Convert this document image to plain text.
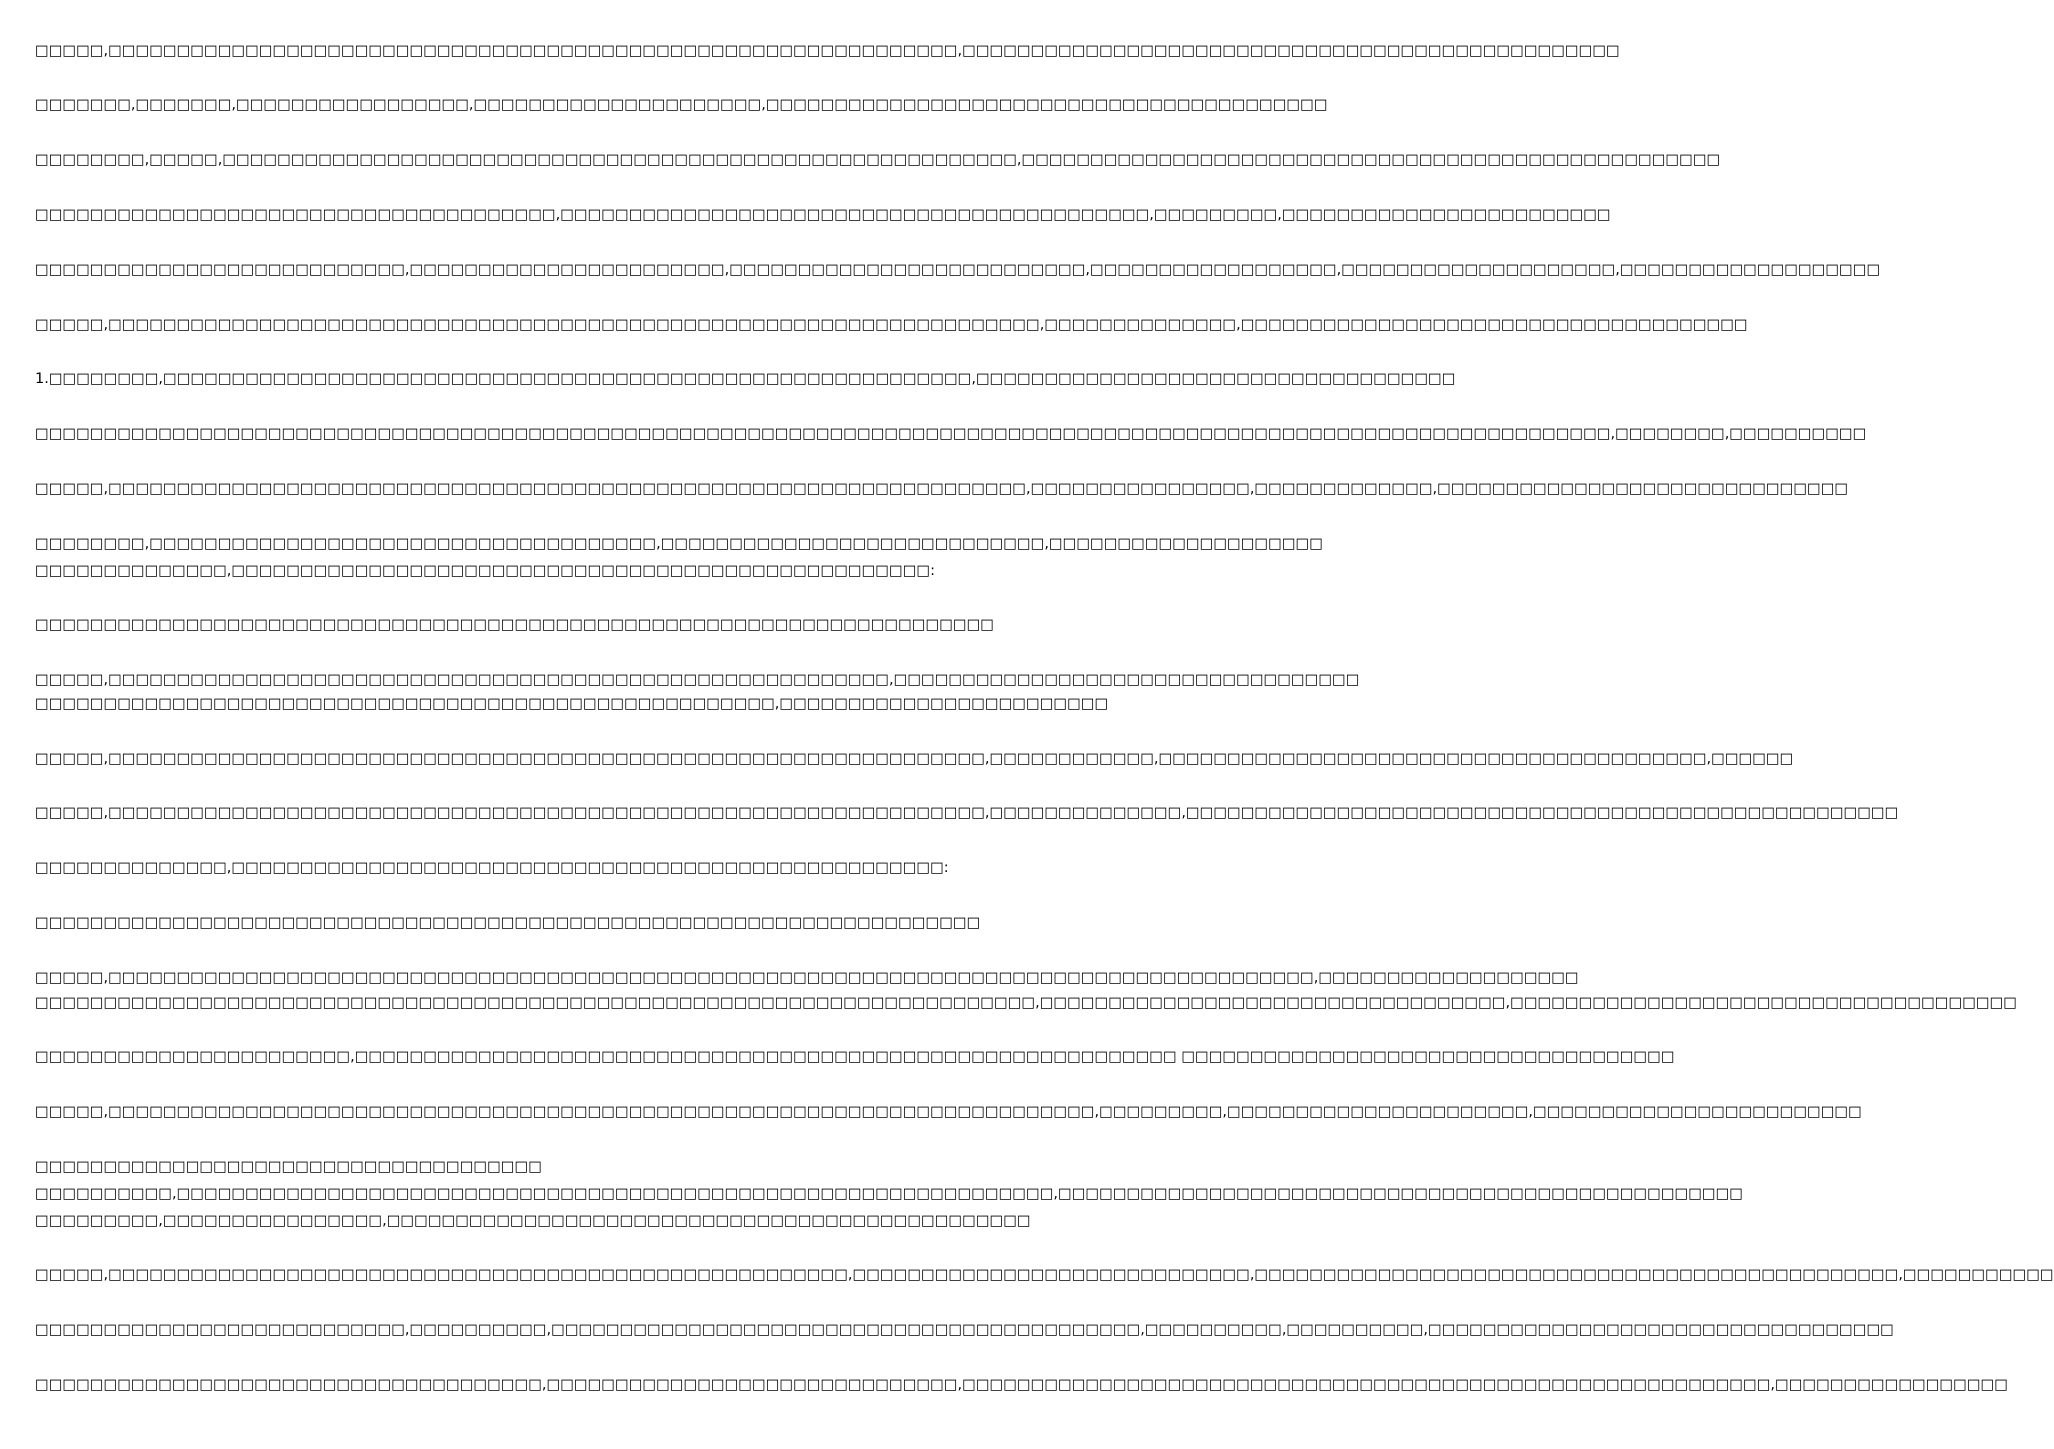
□□□□□,□□□□□□□□□□□□□□□□□□□□□□□□□□□□□□□□□□□□□□□□□□□□□□□□□□□□□□□□□□□□□□,□□□□□□□□□□□□□□□□□□□□□□□□□□□□□□□□□□□□□□□□□□□□□□□□
□□□□□□□,□□□□□□□,□□□□□□□□□□□□□□□□□,□□□□□□□□□□□□□□□□□□□□□,□□□□□□□□□□□□□□□□□□□□□□□□□□□□□□□□□□□□□□□□□
□□□□□□□□,□□□□□,□□□□□□□□□□□□□□□□□□□□□□□□□□□□□□□□□□□□□□□□□□□□□□□□□□□□□□□□□□,□□□□□□□□□□□□□□□□□□□□□□□□□□□□□□□□□□□□□□□□□□□□□□□□□□□
□□□□□□□□□□□□□□□□□□□□□□□□□□□□□□□□□□□□□□,□□□□□□□□□□□□□□□□□□□□□□□□□□□□□□□□□□□□□□□□□□□,□□□□□□□□□,□□□□□□□□□□□□□□□□□□□□□□□□
□□□□□□□□□□□□□□□□□□□□□□□□□□□,□□□□□□□□□□□□□□□□□□□□□□□,□□□□□□□□□□□□□□□□□□□□□□□□□□,□□□□□□□□□□□□□□□□□□,□□□□□□□□□□□□□□□□□□□□,□□□□□□□□□□□□□□□□□□□
□□□□□,□□□□□□□□□□□□□□□□□□□□□□□□□□□□□□□□□□□□□□□□□□□□□□□□□□□□□□□□□□□□□□□□□□□□,□□□□□□□□□□□□□□,□□□□□□□□□□□□□□□□□□□□□□□□□□□□□□□□□□□□□
1.□□□□□□□□,□□□□□□□□□□□□□□□□□□□□□□□□□□□□□□□□□□□□□□□□□□□□□□□□□□□□□□□□□□□,□□□□□□□□□□□□□□□□□□□□□□□□□□□□□□□□□□□
□□□□□□□□□□□□□□□□□□□□□□□□□□□□□□□□□□□□□□□□□□□□□□□□□□□□□□□□□□□□□□□□□□□□□□□□□□□□□□□□□□□□□□□□□□□□□□□□□□□□□□□□□□□□□□□□□□□,□□□□□□□□,□□□□□□□□□□
□□□□□,□□□□□□□□□□□□□□□□□□□□□□□□□□□□□□□□□□□□□□□□□□□□□□□□□□□□□□□□□□□□□□□□□□□,□□□□□□□□□□□□□□□□,□□□□□□□□□□□□□,□□□□□□□□□□□□□□□□□□□□□□□□□□□□□□
□□□□□□□□,□□□□□□□□□□□□□□□□□□□□□□□□□□□□□□□□□□□□□,□□□□□□□□□□□□□□□□□□□□□□□□□□□□,□□□□□□□□□□□□□□□□□□□□
□□□□□□□□□□□□□□,□□□□□□□□□□□□□□□□□□□□□□□□□□□□□□□□□□□□□□□□□□□□□□□□□□□:
□□□□□□□□□□□□□□□□□□□□□□□□□□□□□□□□□□□□□□□□□□□□□□□□□□□□□□□□□□□□□□□□□□□□□□
□□□□□,□□□□□□□□□□□□□□□□□□□□□□□□□□□□□□□□□□□□□□□□□□□□□□□□□□□□□□□□□,□□□□□□□□□□□□□□□□□□□□□□□□□□□□□□□□□□
□□□□□□□□□□□□□□□□□□□□□□□□□□□□□□□□□□□□□□□□□□□□□□□□□□□□□□,□□□□□□□□□□□□□□□□□□□□□□□□
□□□□□,□□□□□□□□□□□□□□□□□□□□□□□□□□□□□□□□□□□□□□□□□□□□□□□□□□□□□□□□□□□□□□□□,□□□□□□□□□□□□,□□□□□□□□□□□□□□□□□□□□□□□□□□□□□□□□□□□□□□□□,□□□□□□
□□□□□,□□□□□□□□□□□□□□□□□□□□□□□□□□□□□□□□□□□□□□□□□□□□□□□□□□□□□□□□□□□□□□□□,□□□□□□□□□□□□□□,□□□□□□□□□□□□□□□□□□□□□□□□□□□□□□□□□□□□□□□□□□□□□□□□□□□□
□□□□□□□□□□□□□□,□□□□□□□□□□□□□□□□□□□□□□□□□□□□□□□□□□□□□□□□□□□□□□□□□□□□:
□□□□□□□□□□□□□□□□□□□□□□□□□□□□□□□□□□□□□□□□□□□□□□□□□□□□□□□□□□□□□□□□□□□□□
□□□□□,□□□□□□□□□□□□□□□□□□□□□□□□□□□□□□□□□□□□□□□□□□□□□□□□□□□□□□□□□□□□□□□□□□□□□□□□□□□□□□□□□□□□□□□□,□□□□□□□□□□□□□□□□□□□
□□□□□□□□□□□□□□□□□□□□□□□□□□□□□□□□□□□□□□□□□□□□□□□□□□□□□□□□□□□□□□□□□□□□□□□□□,□□□□□□□□□□□□□□□□□□□□□□□□□□□□□□□□□□,□□□□□□□□□□□□□□□□□□□□□□□□□□□□□□□□□□□□□
□□□□□□□□□□□□□□□□□□□□□□□,□□□□□□□□□□□□□□□□□□□□□□□□□□□□□□□□□□□□□□□□□□□□□□□□□□□□□□□□□□□□ □□□□□□□□□□□□□□□□□□□□□□□□□□□□□□□□□□□□
□□□□□,□□□□□□□□□□□□□□□□□□□□□□□□□□□□□□□□□□□□□□□□□□□□□□□□□□□□□□□□□□□□□□□□□□□□□□□□,□□□□□□□□□,□□□□□□□□□□□□□□□□□□□□□□,□□□□□□□□□□□□□□□□□□□□□□□□
□□□□□□□□□□□□□□□□□□□□□□□□□□□□□□□□□□□□□
□□□□□□□□□□,□□□□□□□□□□□□□□□□□□□□□□□□□□□□□□□□□□□□□□□□□□□□□□□□□□□□□□□□□□□□□□□□,□□□□□□□□□□□□□□□□□□□□□□□□□□□□□□□□□□□□□□□□□□□□□□□□□□
□□□□□□□□□,□□□□□□□□□□□□□□□□,□□□□□□□□□□□□□□□□□□□□□□□□□□□□□□□□□□□□□□□□□□□□□□□
□□□□□,□□□□□□□□□□□□□□□□□□□□□□□□□□□□□□□□□□□□□□□□□□□□□□□□□□□□□□,□□□□□□□□□□□□□□□□□□□□□□□□□□□□□,□□□□□□□□□□□□□□□□□□□□□□□□□□□□□□□□□□□□□□□□□□□□□□□,□□□□□□□□□□□
□□□□□□□□□□□□□□□□□□□□□□□□□□□,□□□□□□□□□□,□□□□□□□□□□□□□□□□□□□□□□□□□□□□□□□□□□□□□□□□□□□,□□□□□□□□□□,□□□□□□□□□□,□□□□□□□□□□□□□□□□□□□□□□□□□□□□□□□□□□
□□□□□□□□□□□□□□□□□□□□□□□□□□□□□□□□□□□□□,□□□□□□□□□□□□□□□□□□□□□□□□□□□□□□,□□□□□□□□□□□□□□□□□□□□□□□□□□□□□□□□□□□□□□□□□□□□□□□□□□□□□□□□□□□,□□□□□□□□□□□□□□□□□
